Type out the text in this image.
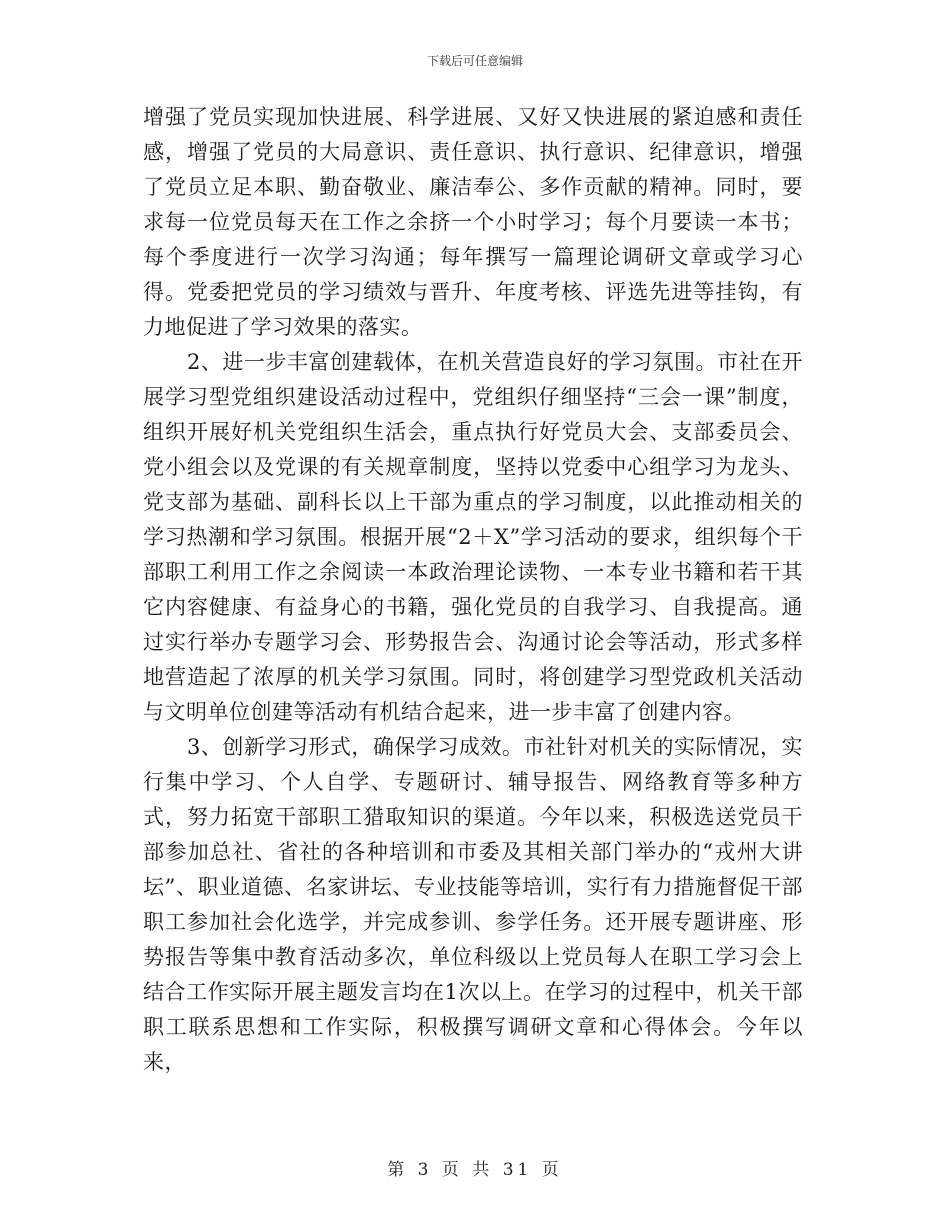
下载后可任意编辑

增强了党员实现加快进展、科学进展、又好又快进展的紧迫感和责任感，增强了党员的大局意识、责任意识、执行意识、纪律意识，增强了党员立足本职、勤奋敬业、廉洁奉公、多作贡献的精神。同时，要求每一位党员每天在工作之余挤一个小时学习；每个月要读一本书；每个季度进行一次学习沟通；每年撰写一篇理论调研文章或学习心得。党委把党员的学习绩效与晋升、年度考核、评选先进等挂钩，有力地促进了学习效果的落实。

2、进一步丰富创建载体，在机关营造良好的学习氛围。市社在开展学习型党组织建设活动过程中，党组织仔细坚持“三会一课”制度，组织开展好机关党组织生活会，重点执行好党员大会、支部委员会、党小组会以及党课的有关规章制度，坚持以党委中心组学习为龙头、党支部为基础、副科长以上干部为重点的学习制度，以此推动相关的学习热潮和学习氛围。根据开展“2＋X”学习活动的要求，组织每个干部职工利用工作之余阅读一本政治理论读物、一本专业书籍和若干其它内容健康、有益身心的书籍，强化党员的自我学习、自我提高。通过实行举办专题学习会、形势报告会、沟通讨论会等活动，形式多样地营造起了浓厚的机关学习氛围。同时，将创建学习型党政机关活动与文明单位创建等活动有机结合起来，进一步丰富了创建内容。

3、创新学习形式，确保学习成效。市社针对机关的实际情况，实行集中学习、个人自学、专题研讨、辅导报告、网络教育等多种方式，努力拓宽干部职工猎取知识的渠道。今年以来，积极选送党员干部参加总社、省社的各种培训和市委及其相关部门举办的“戎州大讲坛”、职业道德、名家讲坛、专业技能等培训，实行有力措施督促干部职工参加社会化选学，并完成参训、参学任务。还开展专题讲座、形势报告等集中教育活动多次，单位科级以上党员每人在职工学习会上结合工作实际开展主题发言均在1次以上。在学习的过程中，机关干部职工联系思想和工作实际，积极撰写调研文章和心得体会。今年以来，

第 3 页 共 31 页
